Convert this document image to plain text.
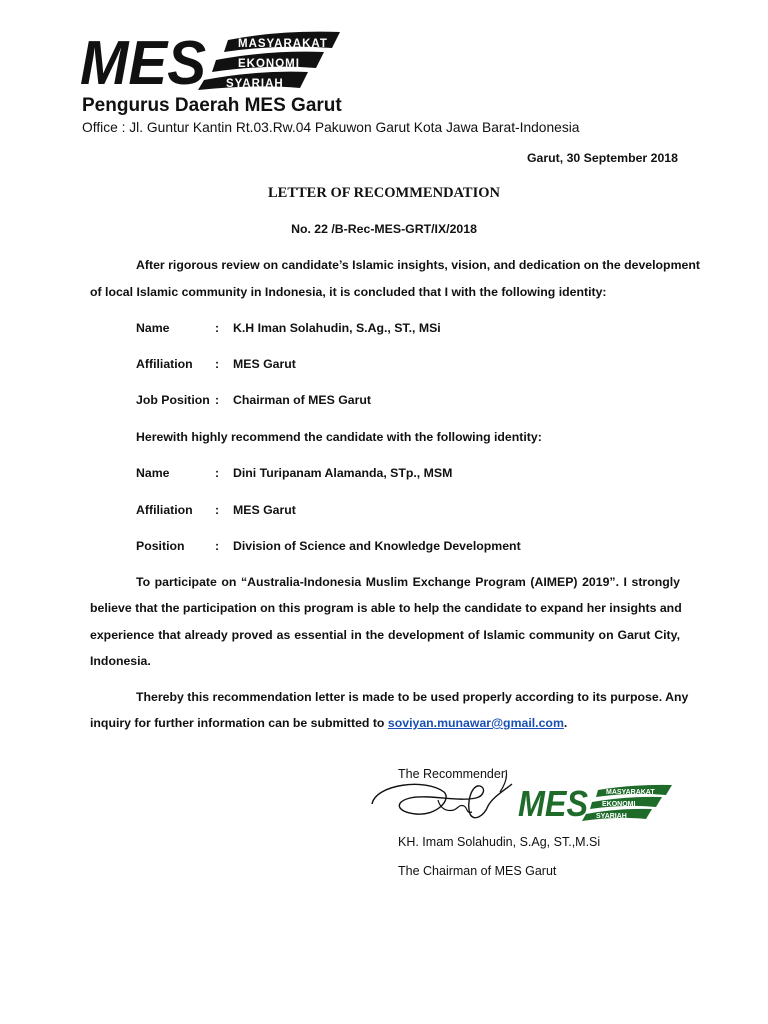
MES	MASYARAKAT
EKONOMI
SYARIAH
Pengurus Daerah MES Garut
Office : Jl. Guntur Kantin Rt.03.Rw.04 Pakuwon Garut Kota Jawa Barat-Indonesia
Garut, 30 September 2018
LETTER OF RECOMMENDATION
No. 22 /B-Rec-MES-GRT/IX/2018
After rigorous review on candidate’s Islamic insights, vision, and dedication on the development
of local Islamic community in Indonesia, it is concluded that I with the following identity:
Name	: K.H Iman Solahudin, S.Ag., ST., MSi
Affiliation : MES Garut
Job Position : Chairman of MES Garut
Herewith highly recommend the candidate with the following identity:
Name	: Dini Turipanam Alamanda, STp., MSM
Affiliation : MES Garut
Position : Division of Science and Knowledge Development
To participate on “Australia-Indonesia Muslim Exchange Program (AIMEP) 2019”. I strongly
believe that the participation on this program is able to help the candidate to expand her insights and
experience that already proved as essential in the development of Islamic community on Garut City,
Indonesia.
Thereby this recommendation letter is made to be used properly according to its purpose. Any
inquiry for further information can be submitted to soviyan.munawar@gmail.com.
The Recommender,
MES	MASYARAKAT
EKONOMI
SYARIAH
KH. Imam Solahudin, S.Ag, ST.,M.Si
The Chairman of MES Garut
